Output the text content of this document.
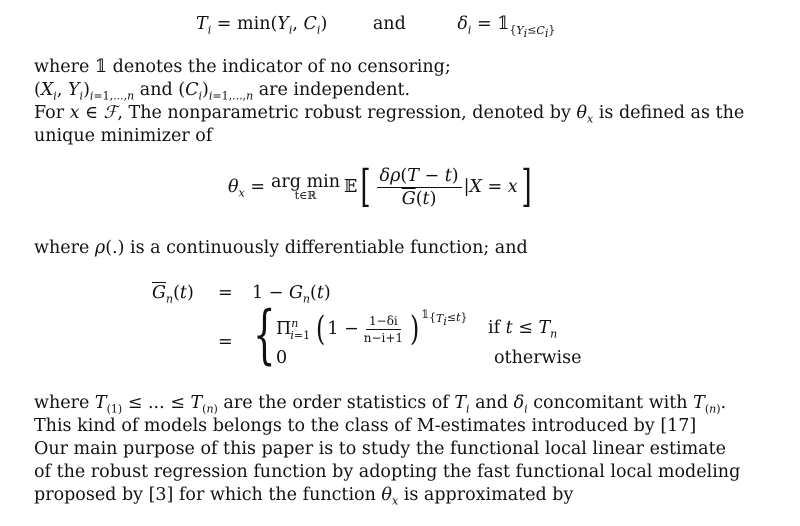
$T_i = \min(Y_i$, $C_i$)	and	$\delta_i$ = $𝟙_{\{Y_i\le C_i\}}$
where 𝟙 denotes the indicator of no censoring;
($X_i$, $Y_i)_{i=1,...,n}$ and $(C_i)_{i=1,...,n}$ are independent.
For x ∈ ℱ, The nonparametric robust regression, denoted by $\theta_x$ is defined as the
unique minimizer of
$\theta_x$ = arg min
t∈ℝ 𝔼 [ $\frac{\delta\rho(T - t)}{\overline{G}(t)} |X = x$ ]
where ρ(.) is a continuously differentiable function; and
$\overline{G}_n(t) = 1 - G_n(t)$
= { $\Pi^n_{i=1}$ ( $1 - \frac{1-\delta i}{n-i+1}$ ) $𝟙_{\{T_i\le t\}}$ if $t \le T_n$
0	otherwise
where $T_{(1)}$ ≤ ... ≤ $T_{(n)}$ are the order statistics of $T_i$ and $\delta_i$ concomitant with $T_{(n)}$.
This kind of models belongs to the class of M-estimates introduced by [17]
Our main purpose of this paper is to study the functional local linear estimate
of the robust regression function by adopting the fast functional local modeling
proposed by [3] for which the function $\theta_x$ is approximated by
